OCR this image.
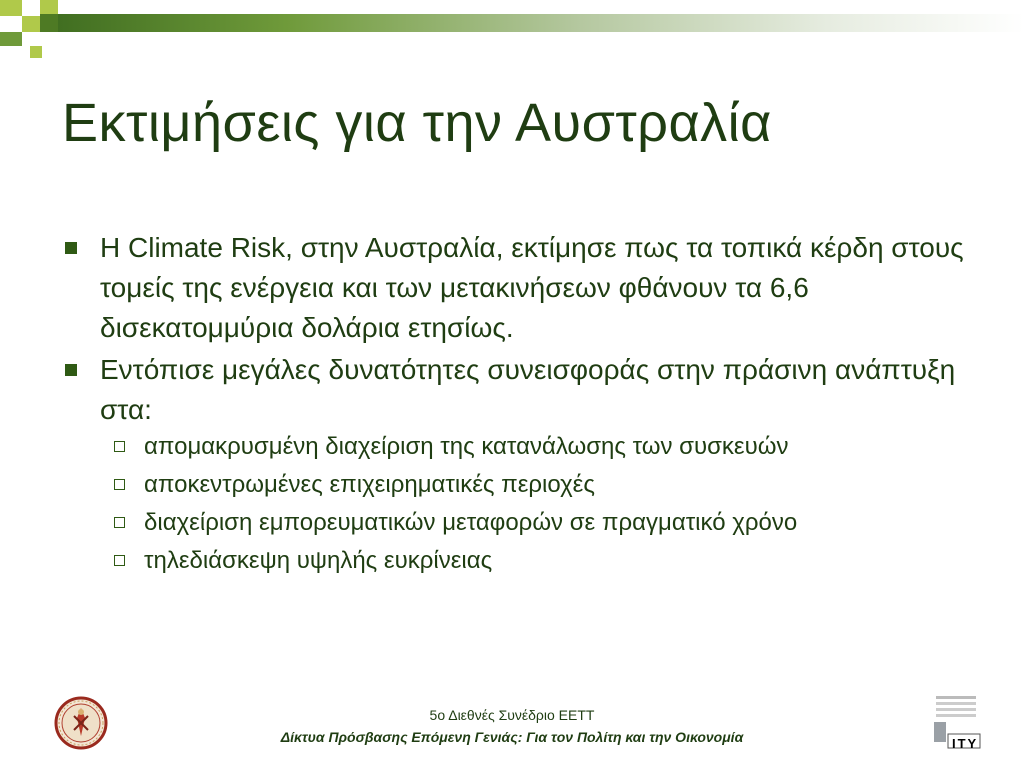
Εκτιμήσεις για την Αυστραλία
Η Climate Risk, στην Αυστραλία, εκτίμησε πως τα τοπικά κέρδη στους τομείς της ενέργεια και των μετακινήσεων φθάνουν τα 6,6 δισεκατομμύρια δολάρια ετησίως.
Εντόπισε μεγάλες δυνατότητες συνεισφοράς στην πράσινη ανάπτυξη στα:
απομακρυσμένη διαχείριση της κατανάλωσης των συσκευών
αποκεντρωμένες επιχειρηματικές περιοχές
διαχείριση εμπορευματικών μεταφορών σε πραγματικό χρόνο
τηλεδιάσκεψη υψηλής ευκρίνειας
ITY
5ο Διεθνές Συνέδριο ΕΕΤΤ
Δίκτυα Πρόσβασης Επόμενη Γενιάς: Για τον Πολίτη και την Οικονομία
